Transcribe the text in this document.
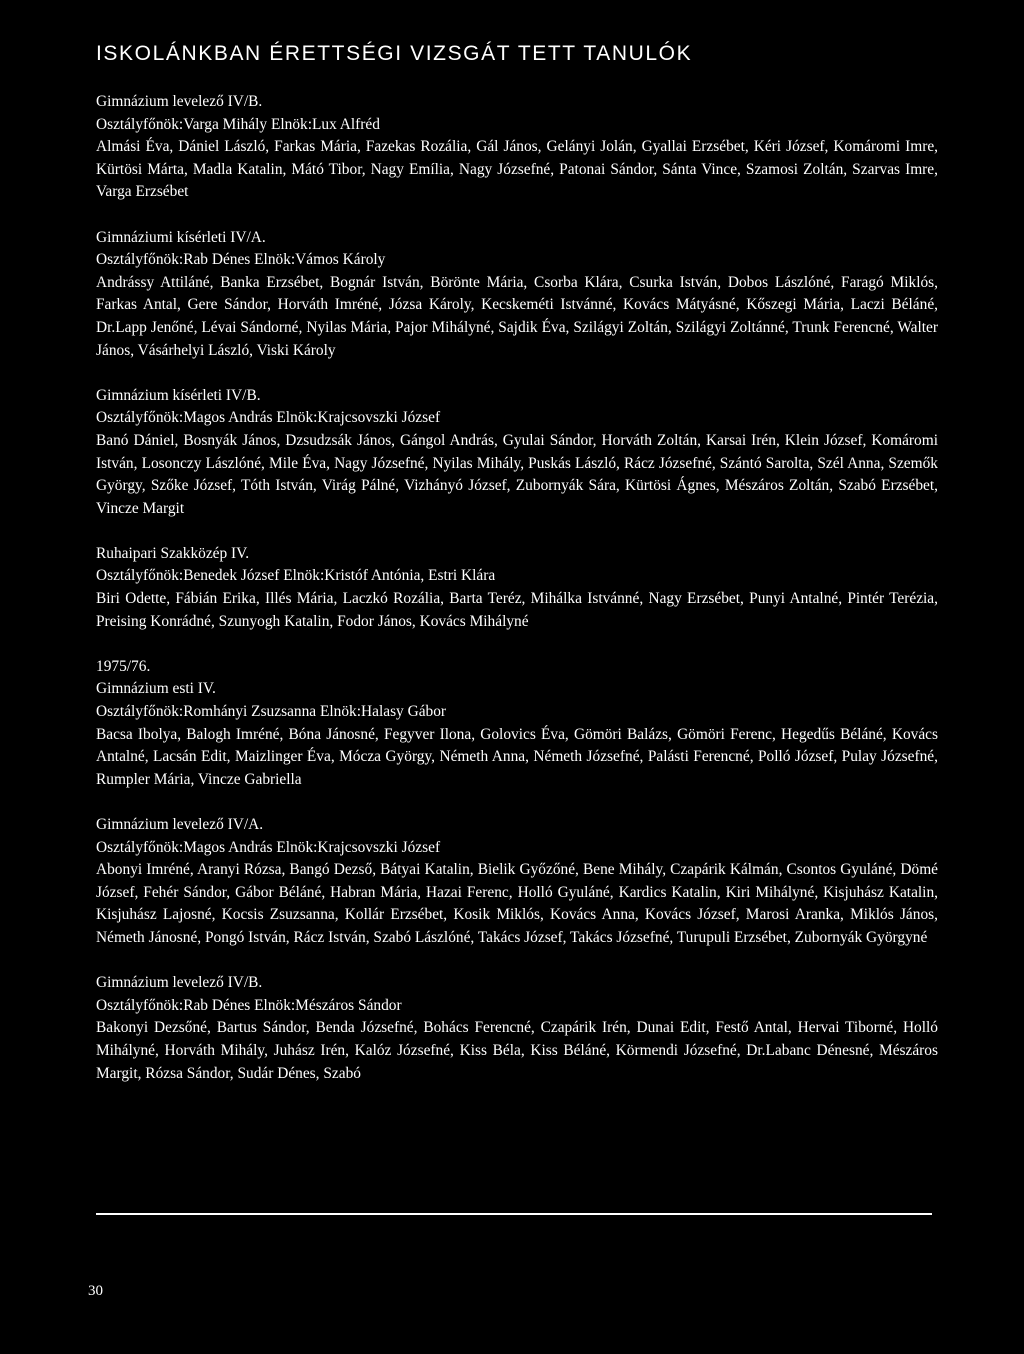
ISKOLÁNKBAN ÉRETTSÉGI VIZSGÁT TETT TANULÓK
Gimnázium levelező IV/B.
Osztályfőnök:Varga Mihály Elnök:Lux Alfréd
Almási Éva, Dániel László, Farkas Mária, Fazekas Rozália, Gál János, Gelányi Jolán, Gyallai Erzsébet, Kéri József, Komáromi Imre, Kürtösi Márta, Madla Katalin, Mátó Tibor, Nagy Emília, Nagy Józsefné, Patonai Sándor, Sánta Vince, Szamosi Zoltán, Szarvas Imre, Varga Erzsébet
Gimnáziumi kísérleti IV/A.
Osztályfőnök:Rab Dénes Elnök:Vámos Károly
Andrássy Attiláné, Banka Erzsébet, Bognár István, Börönte Mária, Csorba Klára, Csurka István, Dobos Lászlóné, Faragó Miklós, Farkas Antal, Gere Sándor, Horváth Imréné, Józsa Károly, Kecskeméti Istvánné, Kovács Mátyásné, Kőszegi Mária, Laczi Béláné, Dr.Lapp Jenőné, Lévai Sándorné, Nyilas Mária, Pajor Mihályné, Sajdik Éva, Szilágyi Zoltán, Szilágyi Zoltánné, Trunk Ferencné, Walter János, Vásárhelyi László, Viski Károly
Gimnázium kísérleti IV/B.
Osztályfőnök:Magos András Elnök:Krajcsovszki József
Banó Dániel, Bosnyák János, Dzsudzsák János, Gángol András, Gyulai Sándor, Horváth Zoltán, Karsai Irén, Klein József, Komáromi István, Losonczy Lászlóné, Mile Éva, Nagy Józsefné, Nyilas Mihály, Puskás László, Rácz Józsefné, Szántó Sarolta, Szél Anna, Szemők György, Szőke József, Tóth István, Virág Pálné, Vizhányó József, Zubornyák Sára, Kürtösi Ágnes, Mészáros Zoltán, Szabó Erzsébet, Vincze Margit
Ruhaipari Szakközép IV.
Osztályfőnök:Benedek József Elnök:Kristóf Antónia, Estri Klára
Biri Odette, Fábián Erika, Illés Mária, Laczkó Rozália, Barta Teréz, Mihálka Istvánné, Nagy Erzsébet, Punyi Antalné, Pintér Terézia, Preising Konrádné, Szunyogh Katalin, Fodor János, Kovács Mihályné
1975/76.
Gimnázium esti IV.
Osztályfőnök:Romhányi Zsuzsanna Elnök:Halasy Gábor
Bacsa Ibolya, Balogh Imréné, Bóna Jánosné, Fegyver Ilona, Golovics Éva, Gömöri Balázs, Gömöri Ferenc, Hegedűs Béláné, Kovács Antalné, Lacsán Edit, Maizlinger Éva, Mócza György, Németh Anna, Németh Józsefné, Palásti Ferencné, Polló József, Pulay Józsefné, Rumpler Mária, Vincze Gabriella
Gimnázium levelező IV/A.
Osztályfőnök:Magos András Elnök:Krajcsovszki József
Abonyi Imréné, Aranyi Rózsa, Bangó Dezső, Bátyai Katalin, Bielik Győzőné, Bene Mihály, Czapárik Kálmán, Csontos Gyuláné, Dömé József, Fehér Sándor, Gábor Béláné, Habran Mária, Hazai Ferenc, Holló Gyuláné, Kardics Katalin, Kiri Mihályné, Kisjuhász Katalin, Kisjuhász Lajosné, Kocsis Zsuzsanna, Kollár Erzsébet, Kosik Miklós, Kovács Anna, Kovács József, Marosi Aranka, Miklós János, Németh Jánosné, Pongó István, Rácz István, Szabó Lászlóné, Takács József, Takács Józsefné, Turupuli Erzsébet, Zubornyák Györgyné
Gimnázium levelező IV/B.
Osztályfőnök:Rab Dénes Elnök:Mészáros Sándor
Bakonyi Dezsőné, Bartus Sándor, Benda Józsefné, Bohács Ferencné, Czapárik Irén, Dunai Edit, Festő Antal, Hervai Tiborné, Holló Mihályné, Horváth Mihály, Juhász Irén, Kalóz Józsefné, Kiss Béla, Kiss Béláné, Körmendi Józsefné, Dr.Labanc Dénesné, Mészáros Margit, Rózsa Sándor, Sudár Dénes, Szabó
30
